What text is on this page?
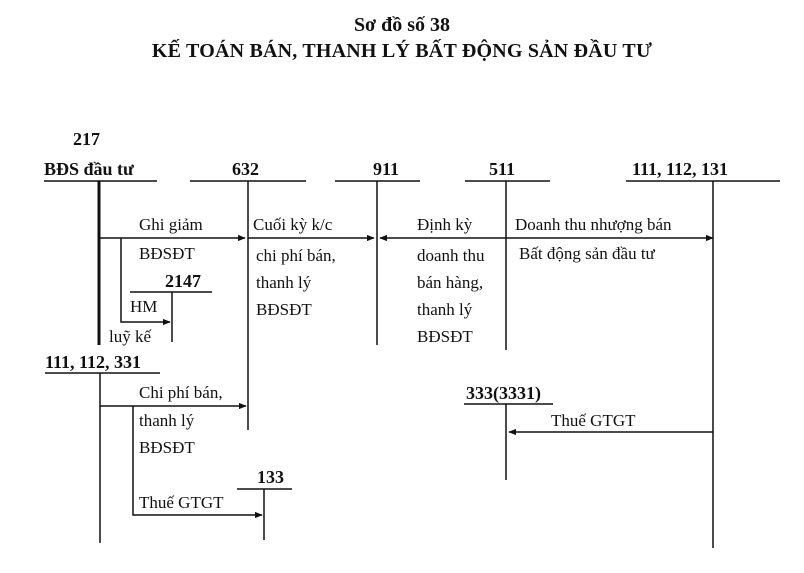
Sơ đồ số 38
KẾ TOÁN BÁN, THANH LÝ BẤT ĐỘNG SẢN ĐẦU TƯ
217
BĐS đầu tư	632	911	511	111, 112, 131
2147
111, 112, 331
333(3331)
133
Ghi giảm
BĐSĐT
HM
luỹ kế
Cuối kỳ k/c
chi phí bán,
thanh lý
BĐSĐT
Định kỳ
doanh thu
bán hàng,
thanh lý
BĐSĐT
Doanh thu nhượng bán
Bất động sản đầu tư
Chi phí bán,
thanh lý
BĐSĐT
Thuế GTGT
Thuế GTGT
